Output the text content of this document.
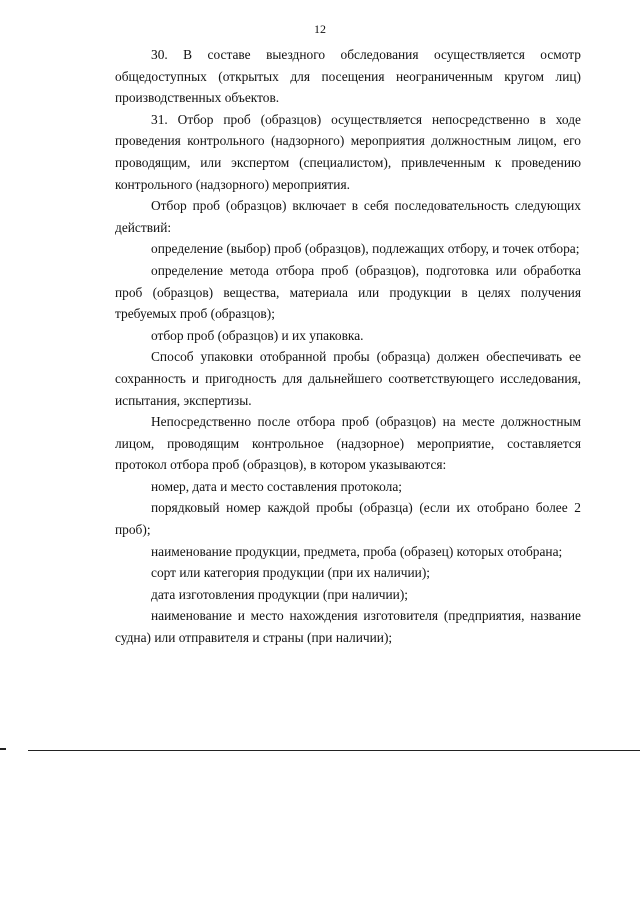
12

30. В составе выездного обследования осуществляется осмотр общедоступных (открытых для посещения неограниченным кругом лиц) производственных объектов.

31. Отбор проб (образцов) осуществляется непосредственно в ходе проведения контрольного (надзорного) мероприятия должностным лицом, его проводящим, или экспертом (специалистом), привлеченным к проведению контрольного (надзорного) мероприятия.

Отбор проб (образцов) включает в себя последовательность следующих действий:

определение (выбор) проб (образцов), подлежащих отбору, и точек отбора;

определение метода отбора проб (образцов), подготовка или обработка проб (образцов) вещества, материала или продукции в целях получения требуемых проб (образцов);

отбор проб (образцов) и их упаковка.

Способ упаковки отобранной пробы (образца) должен обеспечивать ее сохранность и пригодность для дальнейшего соответствующего исследования, испытания, экспертизы.

Непосредственно после отбора проб (образцов) на месте должностным лицом, проводящим контрольное (надзорное) мероприятие, составляется протокол отбора проб (образцов), в котором указываются:

номер, дата и место составления протокола;

порядковый номер каждой пробы (образца) (если их отобрано более 2 проб);

наименование продукции, предмета, проба (образец) которых отобрана;

сорт или категория продукции (при их наличии);

дата изготовления продукции (при наличии);

наименование и место нахождения изготовителя (предприятия, название судна) или отправителя и страны (при наличии);
